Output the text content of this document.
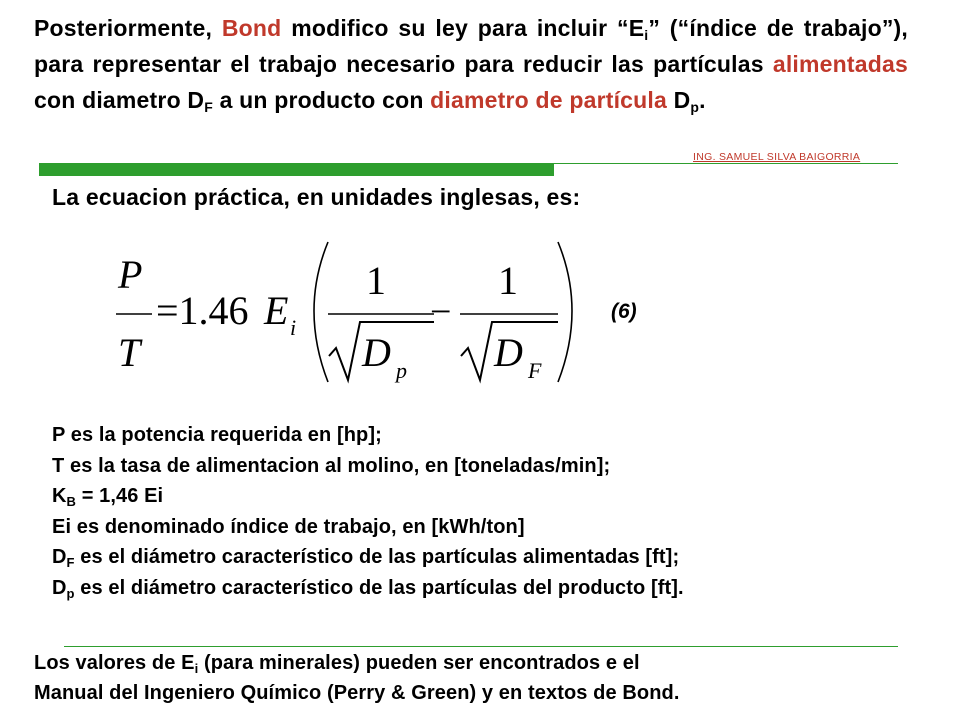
Posteriormente, Bond modifico su ley para incluir “$E_i$” (“índice de trabajo”), para representar el trabajo necesario para reducir las partículas alimentadas con diametro $D_F$ a un producto con diametro de partícula $D_p$.
ING. SAMUEL SILVA BAIGORRIA
La ecuacion práctica, en unidades inglesas, es:
P
T
=1.46 E i
1
D p
−
1
D F
(6)
P es la potencia requerida en [hp];
T es la tasa de alimentacion al molino, en [toneladas/min];
$K_B = 1,46$ Ei
Ei es denominado índice de trabajo, en [kWh/ton]
$D_F$ es el diámetro característico de las partículas alimentadas [ft];
$D_p$ es el diámetro característico de las partículas del producto [ft].
Los valores de $E_i$ (para minerales) pueden ser encontrados e el
Manual del Ingeniero Químico (Perry & Green) y en textos de Bond.
